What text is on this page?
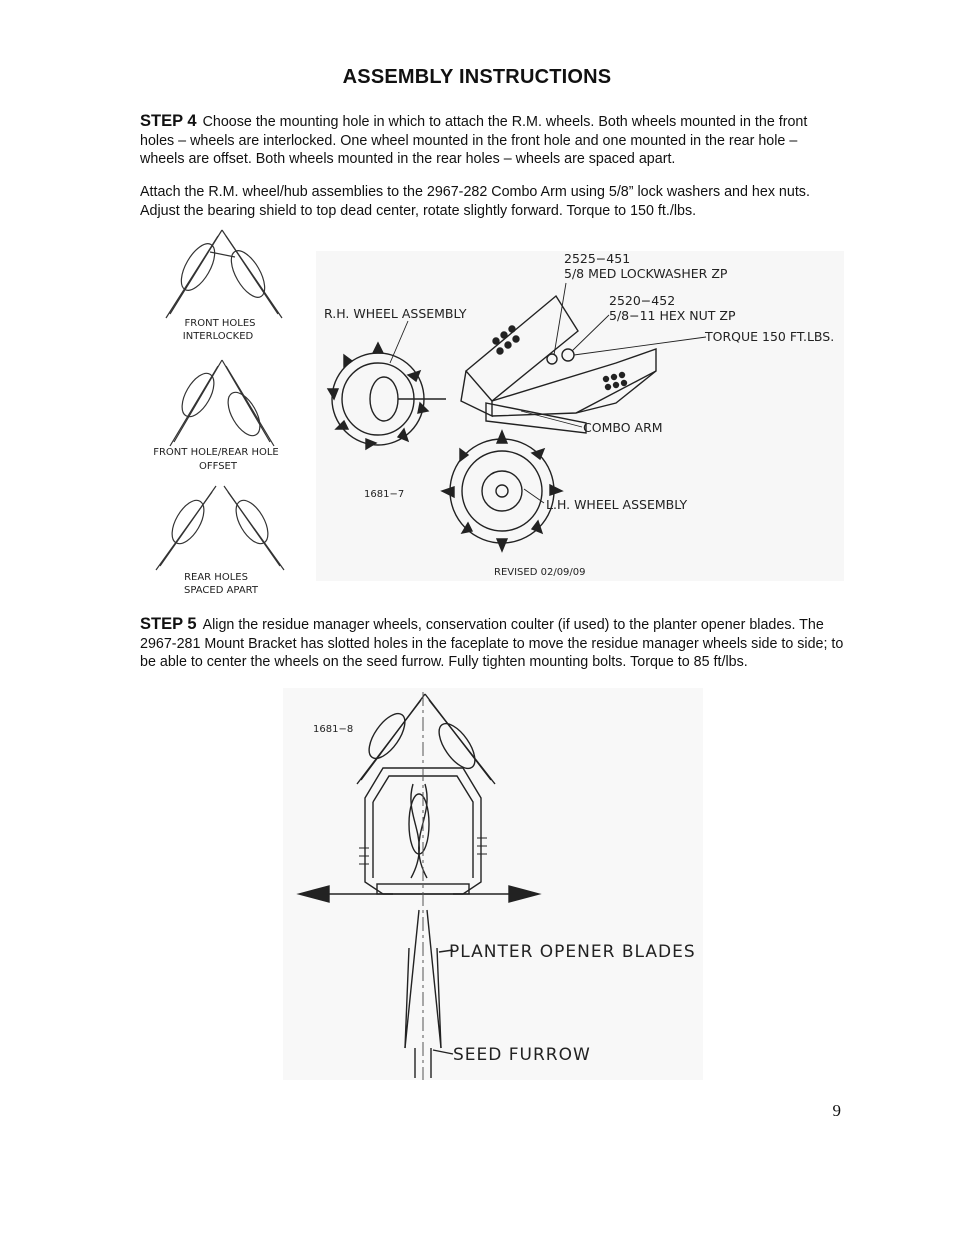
ASSEMBLY INSTRUCTIONS
STEP 4 Choose the mounting hole in which to attach the R.M. wheels. Both wheels mounted in the front holes – wheels are interlocked. One wheel mounted in the front hole and one mounted in the rear hole – wheels are offset. Both wheels mounted in the rear holes – wheels are spaced apart.
Attach the R.M. wheel/hub assemblies to the 2967-282 Combo Arm using 5/8” lock washers and hex nuts. Adjust the bearing shield to top dead center, rotate slightly forward. Torque to 150 ft./lbs.
FRONT HOLES
INTERLOCKED
FRONT HOLE/REAR HOLE
OFFSET
REAR HOLES
SPACED APART
2525−451
5/8 MED LOCKWASHER ZP
2520−452
5/8−11 HEX NUT ZP
TORQUE 150 FT.LBS.
R.H. WHEEL ASSEMBLY
COMBO ARM
L.H. WHEEL ASSEMBLY
1681−7
REVISED 02/09/09
STEP 5 Align the residue manager wheels, conservation coulter (if used) to the planter opener blades. The 2967-281 Mount Bracket has slotted holes in the faceplate to move the residue manager wheels side to side; to be able to center the wheels on the seed furrow. Fully tighten mounting bolts. Torque to 85 ft/lbs.
1681−8
PLANTER OPENER BLADES
SEED FURROW
9
